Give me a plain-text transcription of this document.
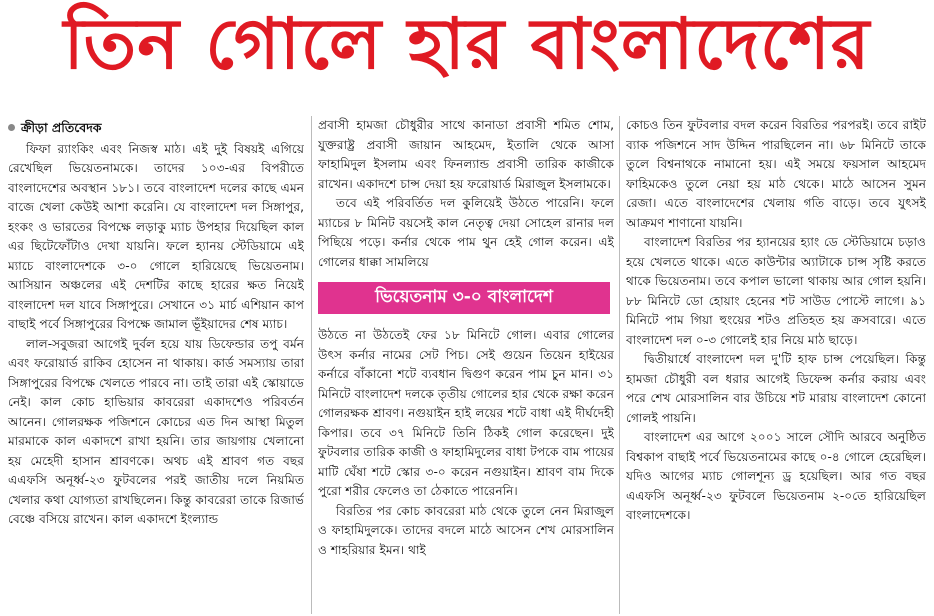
তিন গোলে হার বাংলাদেশের
ক্রীড়া প্রতিবেদক

ফিফা র‍্যাংকিং এবং নিজস্ব মাঠ। এই দুই বিষয়ই এগিয়ে রেখেছিল ভিয়েতনামকে। তাদের ১০৩-এর বিপরীতে বাংলাদেশের অবস্থান ১৮১। তবে বাংলাদেশ দলের কাছে এমন বাজে খেলা কেউই আশা করেনি। যে বাংলাদেশ দল সিঙ্গাপুর, হংকং ও ভারতের বিপক্ষে লড়াকু ম্যাচ উপহার দিয়েছিল কাল এর ছিটেফোঁটাও দেখা যায়নি। ফলে হ্যানয় স্টেডিয়ামে এই ম্যাচে বাংলাদেশকে ৩-০ গোলে হারিয়েছে ভিয়েতনাম। আসিয়ান অঞ্চলের এই দেশটির কাছে হারের ক্ষত নিয়েই বাংলাদেশ দল যাবে সিঙ্গাপুরে। সেখানে ৩১ মার্চ এশিয়ান কাপ বাছাই পর্বে সিঙ্গাপুরের বিপক্ষে জামাল ভূঁইয়াদের শেষ ম্যাচ।

লাল-সবুজরা আগেই দুর্বল হয়ে যায় ডিফেন্ডার তপু বর্মন এবং ফরোয়ার্ড রাকিব হোসেন না থাকায়। কার্ড সমস্যায় তারা সিঙ্গাপুরের বিপক্ষে খেলতে পারবে না। তাই তারা এই স্কোয়াডে নেই। কাল কোচ হাভিয়ার কাবরেরা একাদশেও পরিবর্তন আনেন। গোলরক্ষক পজিশনে কোচের এত দিন আস্থা মিতুল মারমাকে কাল একাদশে রাখা হয়নি। তার জায়গায় খেলানো হয় মেহেদী হাসান শ্রাবণকে। অথচ এই শ্রাবণ গত বছর এএফসি অনূর্ধ্ব-২৩ ফুটবলের পরই জাতীয় দলে নিয়মিত খেলার কথা যোগ্যতা রাখছিলেন। কিন্তু কাবরেরা তাকে রিজার্ভ বেঞ্চে বসিয়ে রাখেন। কাল একাদশে ইংল্যান্ড

প্রবাসী হামজা চৌধুরীর সাথে কানাডা প্রবাসী শমিত শোম, যুক্তরাষ্ট্র প্রবাসী জায়ান আহমেদ, ইতালি থেকে আসা ফাহামিদুল ইসলাম এবং ফিনল্যান্ড প্রবাসী তারিক কাজীকে রাখেন। একাদশে চান্স দেয়া হয় ফরোয়ার্ড মিরাজুল ইসলামকে।

তবে এই পরিবর্তিত দল কুলিয়েই উঠতে পারেনি। ফলে ম্যাচের ৮ মিনিট বয়সেই কাল নেতৃত্ব দেয়া সোহেল রানার দল পিছিয়ে পড়ে। কর্নার থেকে পাম থুন হেই গোল করেন। এই গোলের ধাক্কা সামলিয়ে

ভিয়েতনাম ৩-০ বাংলাদেশ

উঠতে না উঠতেই ফের ১৮ মিনিটে গোল। এবার গোলের উৎস কর্নার নামের সেট পিচ। সেই গুয়েন তিয়েন হাইয়ের কর্নারে বাঁকানো শটে ব্যবধান দ্বিগুণ করেন পাম চুন মান। ৩১ মিনিটে বাংলাদেশ দলকে তৃতীয় গোলের হার থেকে রক্ষা করেন গোলরক্ষক শ্রাবণ। নগুয়াইন হাই লয়ের শটে বাধা এই দীর্ঘদেহী কিপার। তবে ৩৭ মিনিটে তিনি ঠিকই গোল করেছেন। দুই ফুটবলার তারিক কাজী ও ফাহামিদুলের বাধা টপকে বাম পায়ের মাটি ঘেঁষা শটে স্কোর ৩-০ করেন নগুয়াইন। শ্রাবণ বাম দিকে পুরো শরীর ফেলেও তা ঠেকাতে পারেননি।

বিরতির পর কোচ কাবরেরা মাঠ থেকে তুলে নেন মিরাজুল ও ফাহামিদুলকে। তাদের বদলে মাঠে আসেন শেখ মোরসালিন ও শাহরিয়ার ইমন। থাই

কোচও তিন ফুটবলার বদল করেন বিরতির পরপরই। তবে রাইট ব্যাক পজিশনে সাদ উদ্দিন পারছিলেন না। ৬৮ মিনিটে তাকে তুলে বিশ্বনাথকে নামানো হয়। এই সময়ে ফয়সাল আহমেদ ফাহিমকেও তুলে নেয়া হয় মাঠ থেকে। মাঠে আসেন সুমন রেজা। এতে বাংলাদেশের খেলায় গতি বাড়ে। তবে যুৎসই আক্রমণ শাণানো যায়নি।

বাংলাদেশ বিরতির পর হ্যানয়ের হ্যাং ডে স্টেডিয়ামে চড়াও হয়ে খেলতে থাকে। এতে কাউন্টার অ্যাটাকে চান্স সৃষ্টি করতে থাকে ভিয়েতনাম। তবে কপাল ভালো থাকায় আর গোল হয়নি। ৮৮ মিনিটে ডো হোয়াং হেনের শট সাউড পোস্টে লাগে। ৯১ মিনিটে পাম গিয়া হুংয়ের শটও প্রতিহত হয় ক্রসবারে। এতে বাংলাদেশ দল ০-৩ গোলেই হার নিয়ে মাঠ ছাড়ে।

দ্বিতীয়ার্ধে বাংলাদেশ দল দু'টি হাফ চান্স পেয়েছিল। কিন্তু হামজা চৌধুরী বল ধরার আগেই ডিফেন্স কর্নার করায় এবং পরে শেখ মোরসালিন বার উচিয়ে শট মারায় বাংলাদেশ কোনো গোলই পায়নি।

বাংলাদেশ এর আগে ২০০১ সালে সৌদি আরবে অনুষ্ঠিত বিশ্বকাপ বাছাই পর্বে ভিয়েতনামের কাছে ০-৪ গোলে হেরেছিল। যদিও আগের ম্যাচ গোলশূন্য ড্র হয়েছিল। আর গত বছর এএফসি অনূর্ধ্ব-২৩ ফুটবলে ভিয়েতনাম ২-০তে হারিয়েছিল বাংলাদেশকে।
